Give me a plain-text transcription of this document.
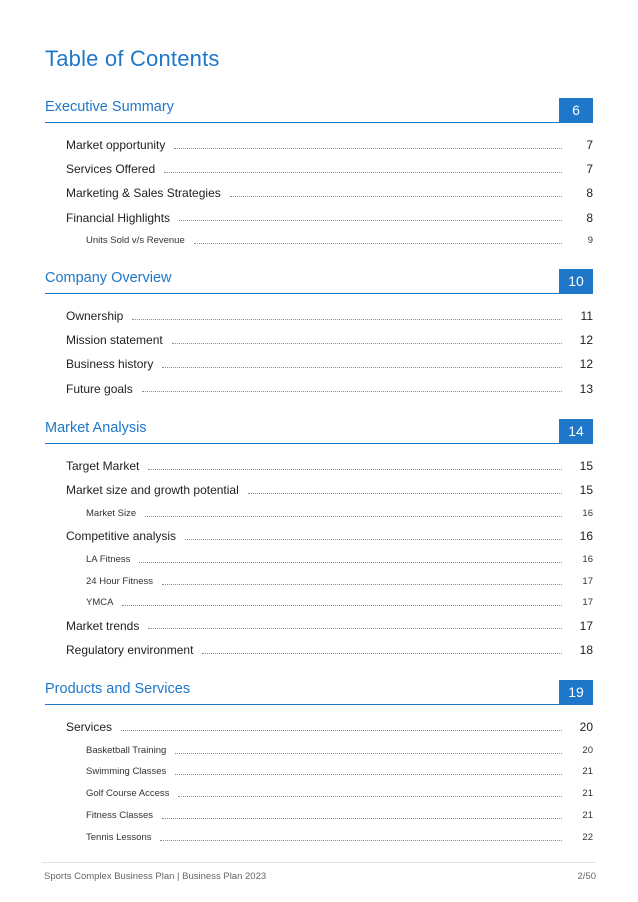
Table of Contents
Executive Summary	6
Market opportunity	7
Services Offered	7
Marketing & Sales Strategies	8
Financial Highlights	8
Units Sold v/s Revenue	9
Company Overview	10
Ownership	11
Mission statement	12
Business history	12
Future goals	13
Market Analysis	14
Target Market	15
Market size and growth potential	15
Market Size	16
Competitive analysis	16
LA Fitness	16
24 Hour Fitness	17
YMCA	17
Market trends	17
Regulatory environment	18
Products and Services	19
Services	20
Basketball Training	20
Swimming Classes	21
Golf Course Access	21
Fitness Classes	21
Tennis Lessons	22
Sports Complex Business Plan | Business Plan 2023	2/50
